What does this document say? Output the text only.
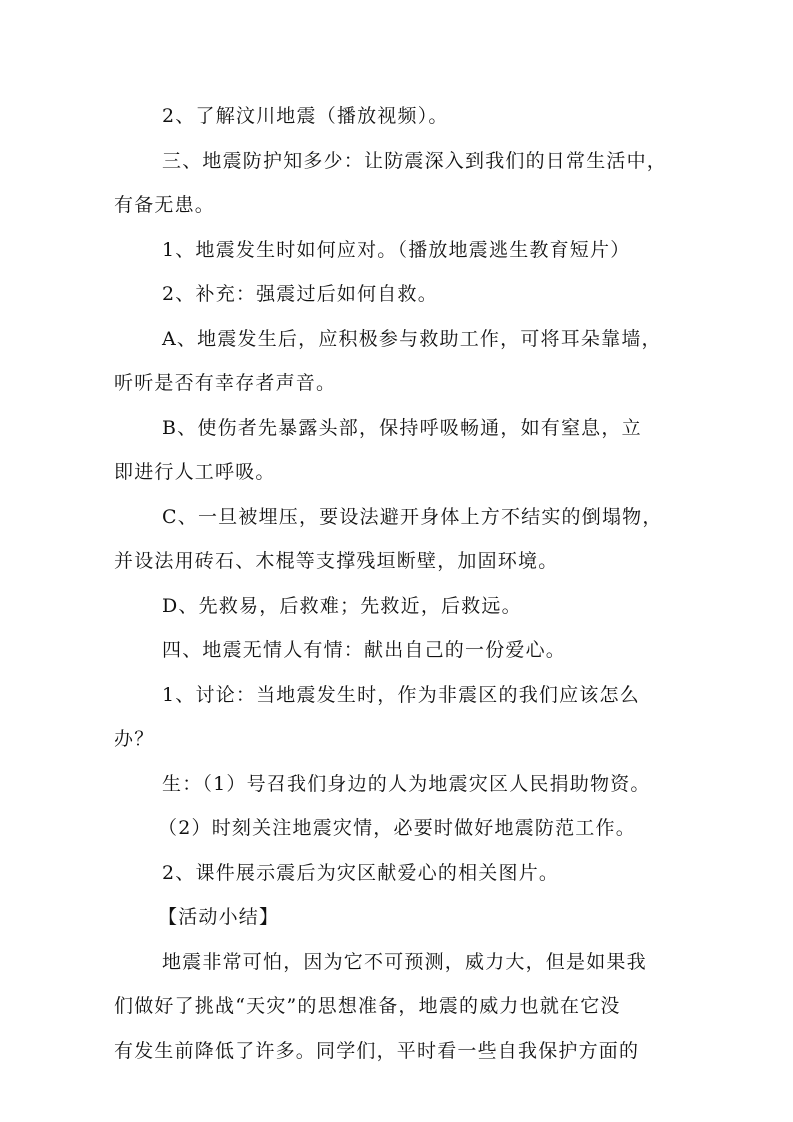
2、了解汶川地震（播放视频）。

三、地震防护知多少：让防震深入到我们的日常生活中，

有备无患。

1、地震发生时如何应对。（播放地震逃生教育短片）

2、补充：强震过后如何自救。

A、地震发生后，应积极参与救助工作，可将耳朵靠墙，

听听是否有幸存者声音。

B、使伤者先暴露头部，保持呼吸畅通，如有窒息，立

即进行人工呼吸。

C、一旦被埋压，要设法避开身体上方不结实的倒塌物，

并设法用砖石、木棍等支撑残垣断壁，加固环境。

D、先救易，后救难；先救近，后救远。

四、地震无情人有情：献出自己的一份爱心。

1、讨论：当地震发生时，作为非震区的我们应该怎么

办？

生：（1）号召我们身边的人为地震灾区人民捐助物资。

（2）时刻关注地震灾情，必要时做好地震防范工作。

2、课件展示震后为灾区献爱心的相关图片。

【活动小结】

地震非常可怕，因为它不可预测，威力大，但是如果我

们做好了挑战“天灾”的思想准备，地震的威力也就在它没

有发生前降低了许多。同学们，平时看一些自我保护方面的
